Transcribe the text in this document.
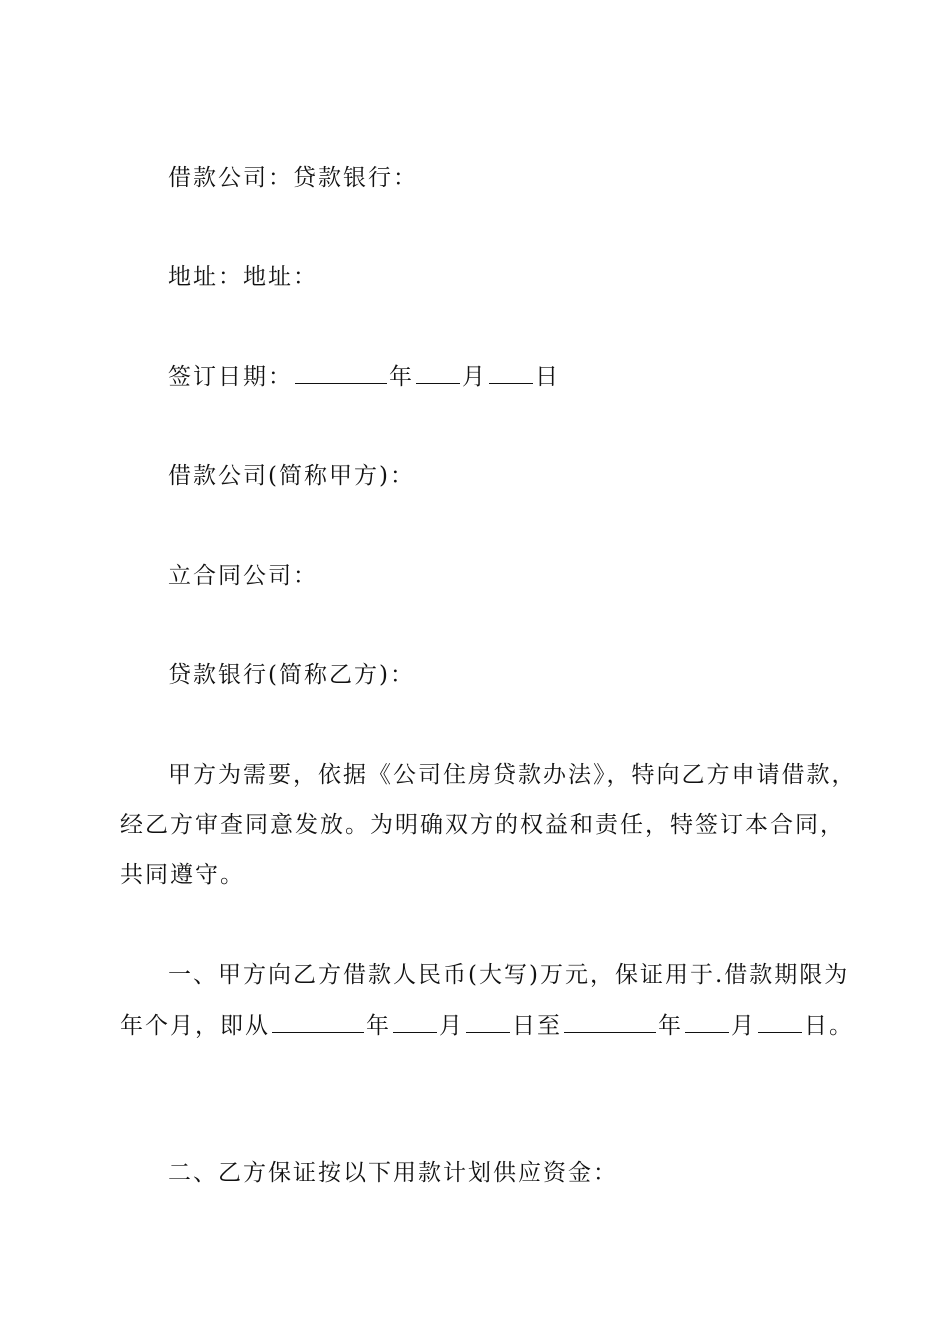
借款公司：贷款银行：
地址：地址：
签订日期：	年 月 日
借款公司(简称甲方)：
立合同公司：
贷款银行(简称乙方)：
甲方为需要，依据《公司住房贷款办法》，特向乙方申请借款，
经乙方审查同意发放。为明确双方的权益和责任，特签订本合同，
共同遵守。
一、甲方向乙方借款人民币(大写)万元，保证用于.借款期限为
年个月，即从	年 月 日至	年 月 日。
二、乙方保证按以下用款计划供应资金：
